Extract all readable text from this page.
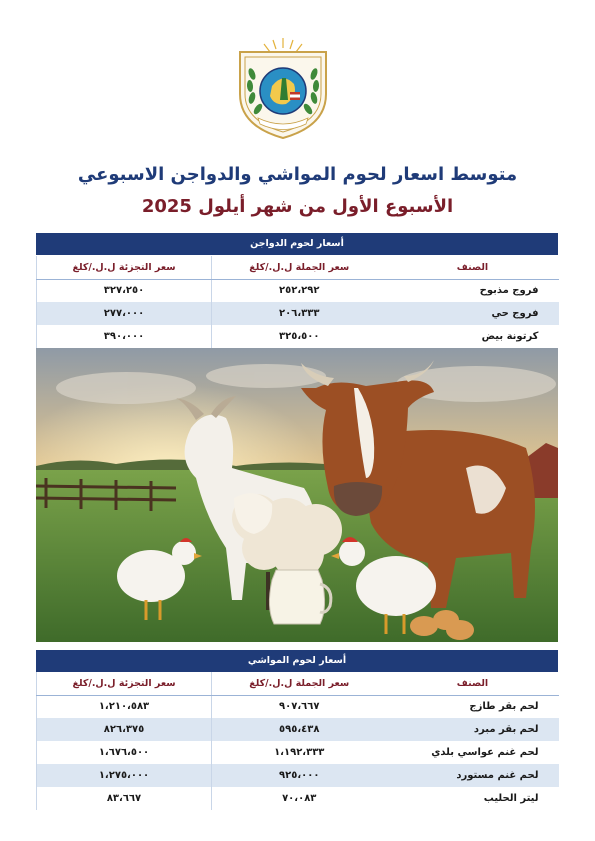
متوسط اسعار لحوم المواشي والدواجن الاسبوعي
الأسبوع الأول من شهر أيلول 2025
أسعار لحوم الدواجن
الصنف	سعر الجملة ل.ل./كلغ	سعر التجزئة ل.ل./كلغ
فروج مذبوح	٢٥٢،٢٩٢	٣٢٧،٢٥٠
فروج حي	٢٠٦،٣٣٣	٢٧٧،٠٠٠
كرتونة بيض	٣٢٥،٥٠٠	٣٩٠،٠٠٠
أسعار لحوم المواشي
الصنف	سعر الجملة ل.ل./كلغ	سعر التجزئة ل.ل./كلغ
لحم بقر طازج	٩٠٧،٦٦٧	١،٢١٠،٥٨٣
لحم بقر مبرد	٥٩٥،٤٣٨	٨٢٦،٣٧٥
لحم غنم عواسي بلدي	١،١٩٢،٣٣٣	١،٦٧٦،٥٠٠
لحم غنم مستورد	٩٢٥،٠٠٠	١،٢٧٥،٠٠٠
ليتر الحليب	٧٠،٠٨٣	٨٣،٦٦٧
